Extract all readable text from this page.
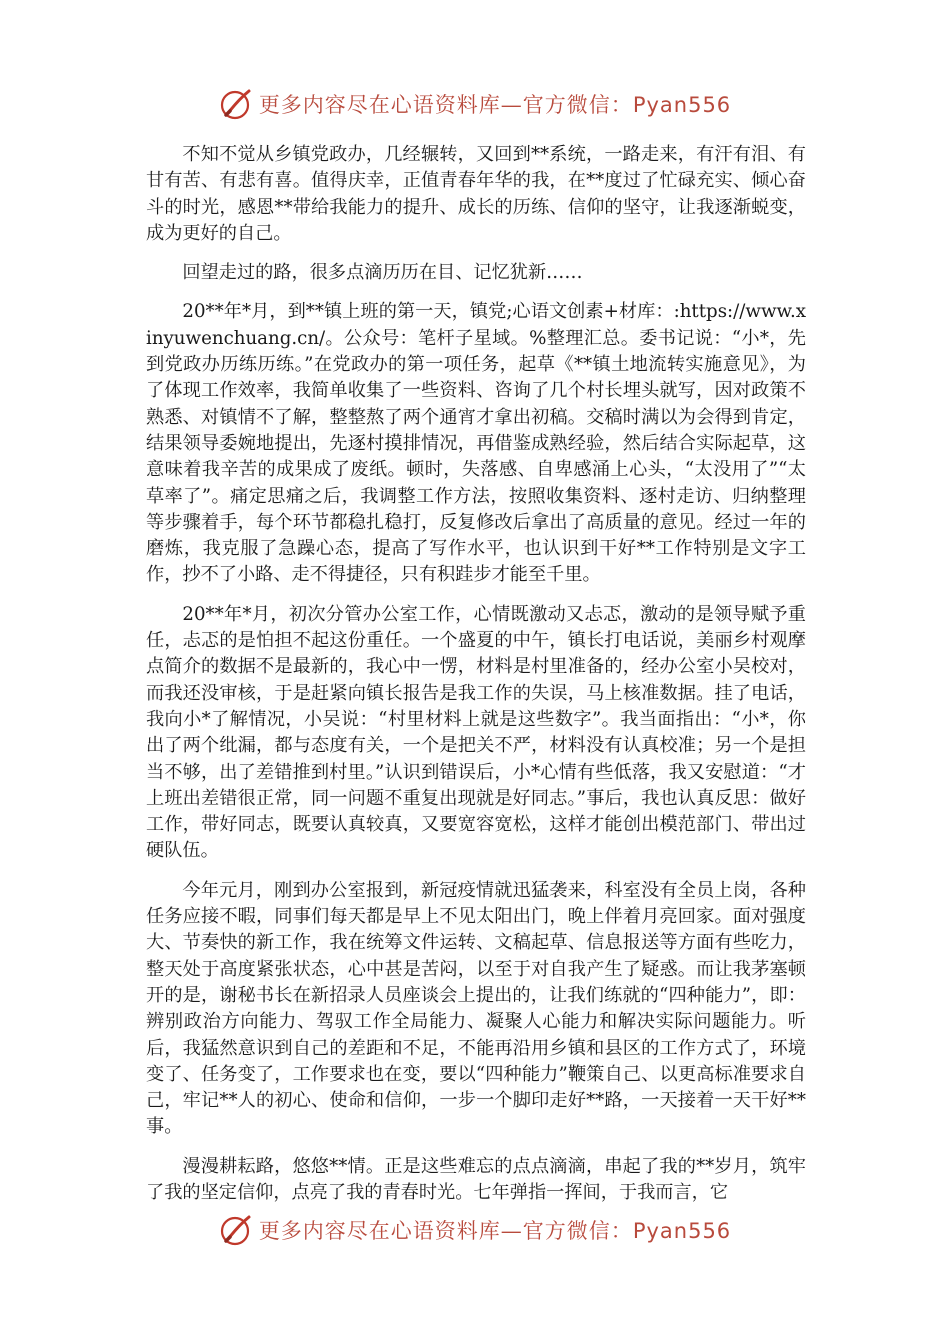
更多内容尽在心语资料库—官方微信：Pyan556

不知不觉从乡镇党政办，几经辗转，又回到**系统，一路走来，有汗有泪、有甘有苦、有悲有喜。值得庆幸，正值青春年华的我，在**度过了忙碌充实、倾心奋斗的时光，感恩**带给我能力的提升、成长的历练、信仰的坚守，让我逐渐蜕变，成为更好的自己。

回望走过的路，很多点滴历历在目、记忆犹新……

20**年*月，到**镇上班的第一天，镇党;心语文创素+材库：:https://www.xinyuwenchuang.cn/。公众号：笔杆子星域。%整理汇总。委书记说：“小*，先到党政办历练历练。”在党政办的第一项任务，起草《**镇土地流转实施意见》，为了体现工作效率，我简单收集了一些资料、咨询了几个村长埋头就写，因对政策不熟悉、对镇情不了解，整整熬了两个通宵才拿出初稿。交稿时满以为会得到肯定，结果领导委婉地提出，先逐村摸排情况，再借鉴成熟经验，然后结合实际起草，这意味着我辛苦的成果成了废纸。顿时，失落感、自卑感涌上心头，“太没用了”“太草率了”。痛定思痛之后，我调整工作方法，按照收集资料、逐村走访、归纳整理等步骤着手，每个环节都稳扎稳打，反复修改后拿出了高质量的意见。经过一年的磨炼，我克服了急躁心态，提高了写作水平，也认识到干好**工作特别是文字工作，抄不了小路、走不得捷径，只有积跬步才能至千里。

20**年*月，初次分管办公室工作，心情既激动又忐忑，激动的是领导赋予重任，忐忑的是怕担不起这份重任。一个盛夏的中午，镇长打电话说，美丽乡村观摩点简介的数据不是最新的，我心中一愣，材料是村里准备的，经办公室小吴校对，而我还没审核，于是赶紧向镇长报告是我工作的失误，马上核准数据。挂了电话，我向小*了解情况，小吴说：“村里材料上就是这些数字”。我当面指出：“小*，你出了两个纰漏，都与态度有关，一个是把关不严，材料没有认真校准；另一个是担当不够，出了差错推到村里。”认识到错误后，小*心情有些低落，我又安慰道：“才上班出差错很正常，同一问题不重复出现就是好同志。”事后，我也认真反思：做好工作，带好同志，既要认真较真，又要宽容宽松，这样才能创出模范部门、带出过硬队伍。

今年元月，刚到办公室报到，新冠疫情就迅猛袭来，科室没有全员上岗，各种任务应接不暇，同事们每天都是早上不见太阳出门，晚上伴着月亮回家。面对强度大、节奏快的新工作，我在统筹文件运转、文稿起草、信息报送等方面有些吃力，整天处于高度紧张状态，心中甚是苦闷，以至于对自我产生了疑惑。而让我茅塞顿开的是，谢秘书长在新招录人员座谈会上提出的，让我们练就的“四种能力”，即：辨别政治方向能力、驾驭工作全局能力、凝聚人心能力和解决实际问题能力。听后，我猛然意识到自己的差距和不足，不能再沿用乡镇和县区的工作方式了，环境变了、任务变了，工作要求也在变，要以“四种能力”鞭策自己、以更高标准要求自己，牢记**人的初心、使命和信仰，一步一个脚印走好**路，一天接着一天干好**事。

漫漫耕耘路，悠悠**情。正是这些难忘的点点滴滴，串起了我的**岁月，筑牢了我的坚定信仰，点亮了我的青春时光。七年弹指一挥间，于我而言，它

更多内容尽在心语资料库—官方微信：Pyan556
